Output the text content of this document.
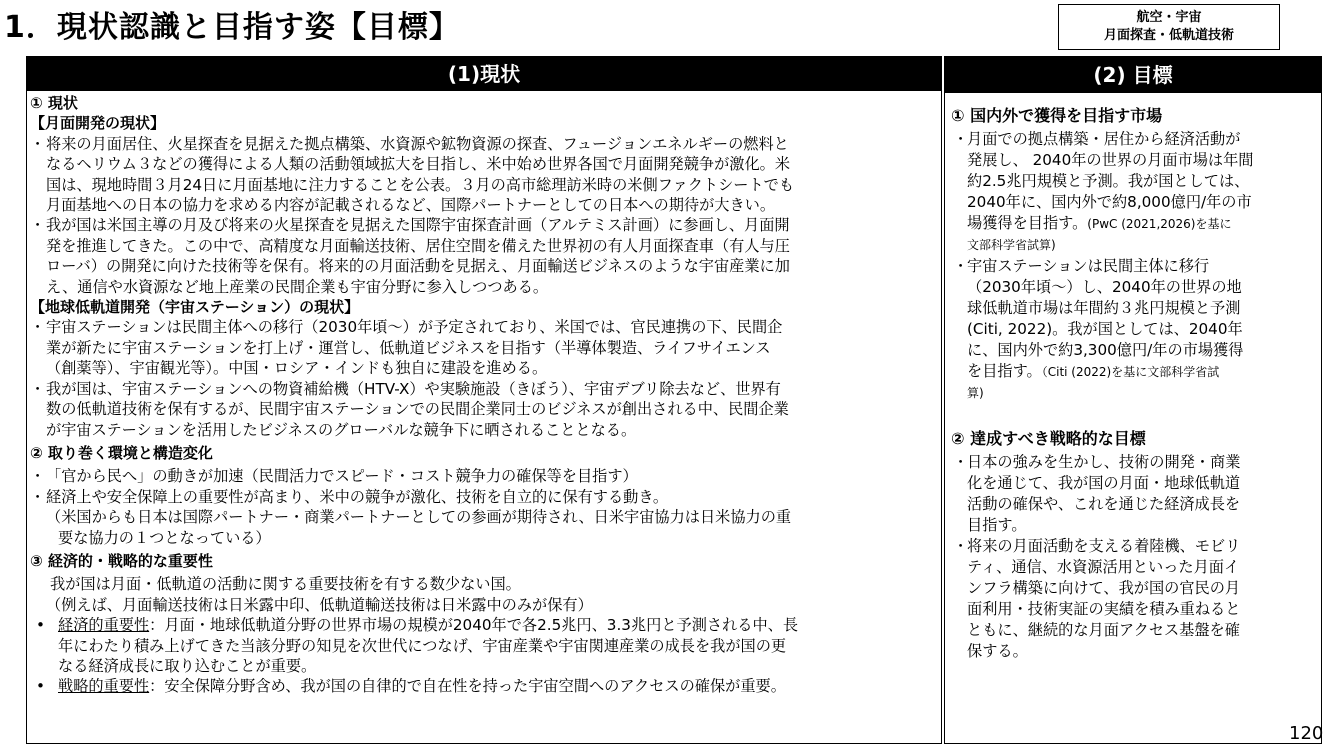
1．現状認識と目指す姿【目標】	航空・宇宙
月面探査・低軌道技術
(1)現状
① 現状
【月面開発の現状】
・ 将来の月面居住、火星探査を見据えた拠点構築、水資源や鉱物資源の探査、フュージョンエネルギーの燃料と
なるヘリウム３などの獲得による人類の活動領域拡大を目指し、米中始め世界各国で月面開発競争が激化。米
国は、現地時間３月24日に月面基地に注力することを公表。３月の高市総理訪米時の米側ファクトシートでも
月面基地への日本の協力を求める内容が記載されるなど、国際パートナーとしての日本への期待が大きい。
・ 我が国は米国主導の月及び将来の火星探査を見据えた国際宇宙探査計画（アルテミス計画）に参画し、月面開
発を推進してきた。この中で、高精度な月面輸送技術、居住空間を備えた世界初の有人月面探査車（有人与圧
ローバ）の開発に向けた技術等を保有。将来的の月面活動を見据え、月面輸送ビジネスのような宇宙産業に加
え、通信や水資源など地上産業の民間企業も宇宙分野に参入しつつある。
【地球低軌道開発（宇宙ステーション）の現状】
・ 宇宙ステーションは民間主体への移行（2030年頃～）が予定されており、米国では、官民連携の下、民間企
業が新たに宇宙ステーションを打上げ・運営し、低軌道ビジネスを目指す（半導体製造、ライフサイエンス
（創薬等）、宇宙観光等）。中国・ロシア・インドも独自に建設を進める。
・ 我が国は、宇宙ステーションへの物資補給機（HTV-X）や実験施設（きぼう）、宇宙デブリ除去など、世界有
数の低軌道技術を保有するが、民間宇宙ステーションでの民間企業同士のビジネスが創出される中、民間企業
が宇宙ステーションを活用したビジネスのグローバルな競争下に晒されることとなる。
② 取り巻く環境と構造変化
・ 「官から民へ」の動きが加速（民間活力でスピード・コスト競争力の確保等を目指す）
・ 経済上や安全保障上の重要性が高まり、米中の競争が激化、技術を自立的に保有する動き。
（米国からも日本は国際パートナー・商業パートナーとしての参画が期待され、日米宇宙協力は日米協力の重
要な協力の１つとなっている）
③ 経済的・戦略的な重要性
我が国は月面・低軌道の活動に関する重要技術を有する数少ない国。
（例えば、月面輸送技術は日米露中印、低軌道輸送技術は日米露中のみが保有）
• 経済的重要性：月面・地球低軌道分野の世界市場の規模が2040年で各2.5兆円、3.3兆円と予測される中、長
年にわたり積み上げてきた当該分野の知見を次世代につなげ、宇宙産業や宇宙関連産業の成長を我が国の更
なる経済成長に取り込むことが重要。
• 戦略的重要性：安全保障分野含め、我が国の自律的で自在性を持った宇宙空間へのアクセスの確保が重要。
(2) 目標
① 国内外で獲得を目指す市場
・
月面での拠点構築・居住から経済活動が
発展し、 2040年の世界の月面市場は年間
約2.5兆円規模と予測。我が国としては、
2040年に、国内外で約8,000億円/年の市
場獲得を目指す。(PwC (2021,2026)を基に
文部科学省試算)
・
宇宙ステーションは民間主体に移行
（2030年頃～）し、2040年の世界の地
球低軌道市場は年間約３兆円規模と予測
(Citi, 2022)。我が国としては、2040年
に、国内外で約3,300億円/年の市場獲得
を目指す。（Citi (2022)を基に文部科学省試
算)
② 達成すべき戦略的な目標
・
日本の強みを生かし、技術の開発・商業
化を通じて、我が国の月面・地球低軌道
活動の確保や、これを通じた経済成長を
目指す。
・
将来の月面活動を支える着陸機、モビリ
ティ、通信、水資源活用といった月面イ
ンフラ構築に向けて、我が国の官民の月
面利用・技術実証の実績を積み重ねると
ともに、継続的な月面アクセス基盤を確
保する。
120
